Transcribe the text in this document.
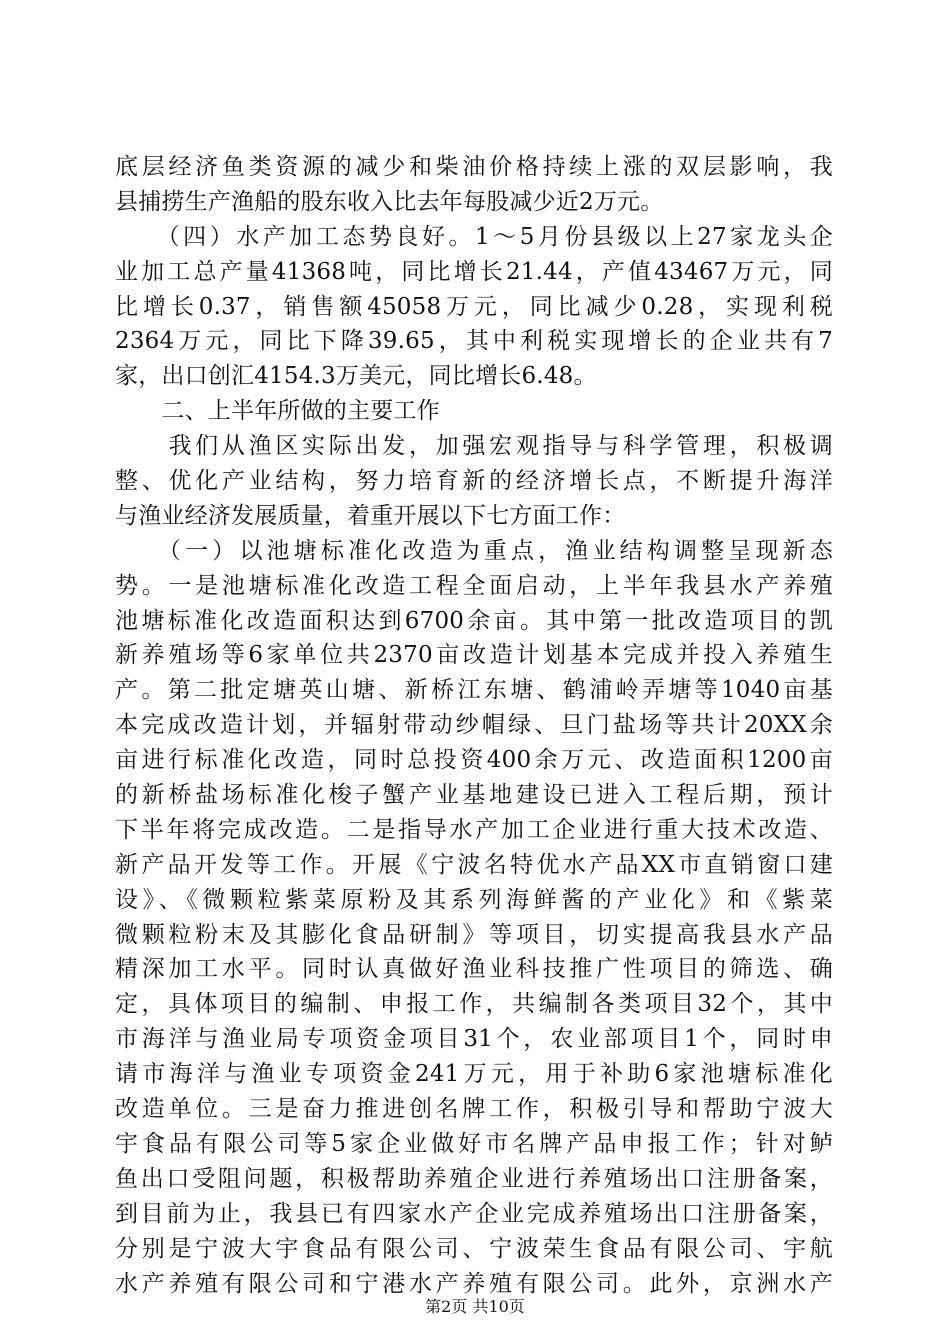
底层经济鱼类资源的减少和柴油价格持续上涨的双层影响，我
县捕捞生产渔船的股东收入比去年每股减少近2万元。
　　（四）水产加工态势良好。1～5月份县级以上27家龙头企
业加工总产量41368吨，同比增长21.44，产值43467万元，同
比增长0.37，销售额45058万元，同比减少0.28，实现利税
2364万元，同比下降39.65，其中利税实现增长的企业共有7
家，出口创汇4154.3万美元，同比增长6.48。
　　二、上半年所做的主要工作
　　我们从渔区实际出发，加强宏观指导与科学管理，积极调
整、优化产业结构，努力培育新的经济增长点，不断提升海洋
与渔业经济发展质量，着重开展以下七方面工作：
　　（一）以池塘标准化改造为重点，渔业结构调整呈现新态
势。一是池塘标准化改造工程全面启动，上半年我县水产养殖
池塘标准化改造面积达到6700余亩。其中第一批改造项目的凯
新养殖场等6家单位共2370亩改造计划基本完成并投入养殖生
产。第二批定塘英山塘、新桥江东塘、鹤浦岭弄塘等1040亩基
本完成改造计划，并辐射带动纱帽绿、旦门盐场等共计20XX余
亩进行标准化改造，同时总投资400余万元、改造面积1200亩
的新桥盐场标准化梭子蟹产业基地建设已进入工程后期，预计
下半年将完成改造。二是指导水产加工企业进行重大技术改造、
新产品开发等工作。开展《宁波名特优水产品XX市直销窗口建
设》、《微颗粒紫菜原粉及其系列海鲜酱的产业化》和《紫菜
微颗粒粉末及其膨化食品研制》等项目，切实提高我县水产品
精深加工水平。同时认真做好渔业科技推广性项目的筛选、确
定，具体项目的编制、申报工作，共编制各类项目32个，其中
市海洋与渔业局专项资金项目31个，农业部项目1个，同时申
请市海洋与渔业专项资金241万元，用于补助6家池塘标准化
改造单位。三是奋力推进创名牌工作，积极引导和帮助宁波大
宇食品有限公司等5家企业做好市名牌产品申报工作；针对鲈
鱼出口受阻问题，积极帮助养殖企业进行养殖场出口注册备案，
到目前为止，我县已有四家水产企业完成养殖场出口注册备案，
分别是宁波大宇食品有限公司、宁波荣生食品有限公司、宇航
水产养殖有限公司和宁港水产养殖有限公司。此外，京洲水产
第2页 共10页
